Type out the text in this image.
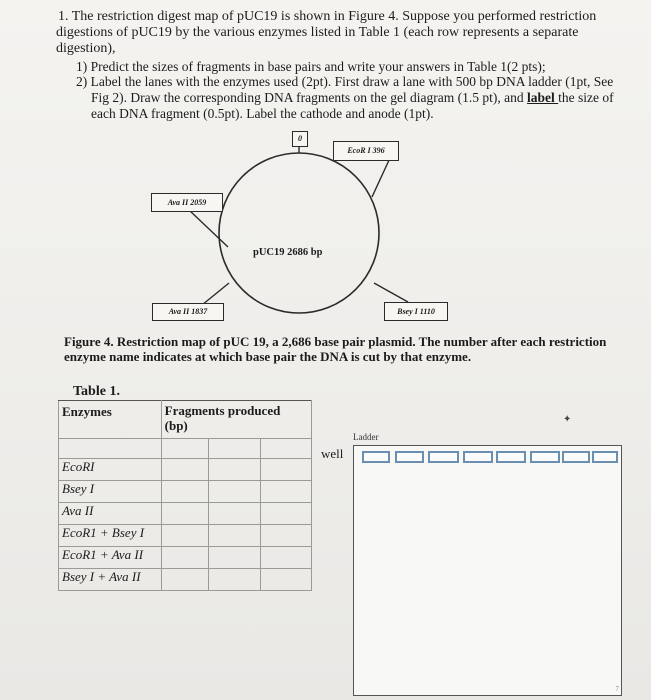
1. The restriction digest map of pUC19 is shown in Figure 4. Suppose you performed restriction
digestions of pUC19 by the various enzymes listed in Table 1 (each row represents a separate
digestion),
1) Predict the sizes of fragments in base pairs and write your answers in Table 1(2 pts);
2) Label the lanes with the enzymes used (2pt). First draw a lane with 500 bp DNA ladder (1pt, See
Fig 2). Draw the corresponding DNA fragments on the gel diagram (1.5 pt), and label the size of
each DNA fragment (0.5pt). Label the cathode and anode (1pt).
0
EcoR I 396
Ava II 2059
Ava II 1837	Bsey I 1110
pUC19 2686 bp
Figure 4. Restriction map of pUC 19, a 2,686 base pair plasmid. The number after each restriction
enzyme name indicates at which base pair the DNA is cut by that enzyme.
Table 1.
Enzymes	Fragments produced
(bp)		

EcoRI			
Bsey I			
Ava II			
EcoR1 + Bsey I			
EcoR1 + Ava II			
Bsey I + Ava II			
Ladder
well
✦
7
